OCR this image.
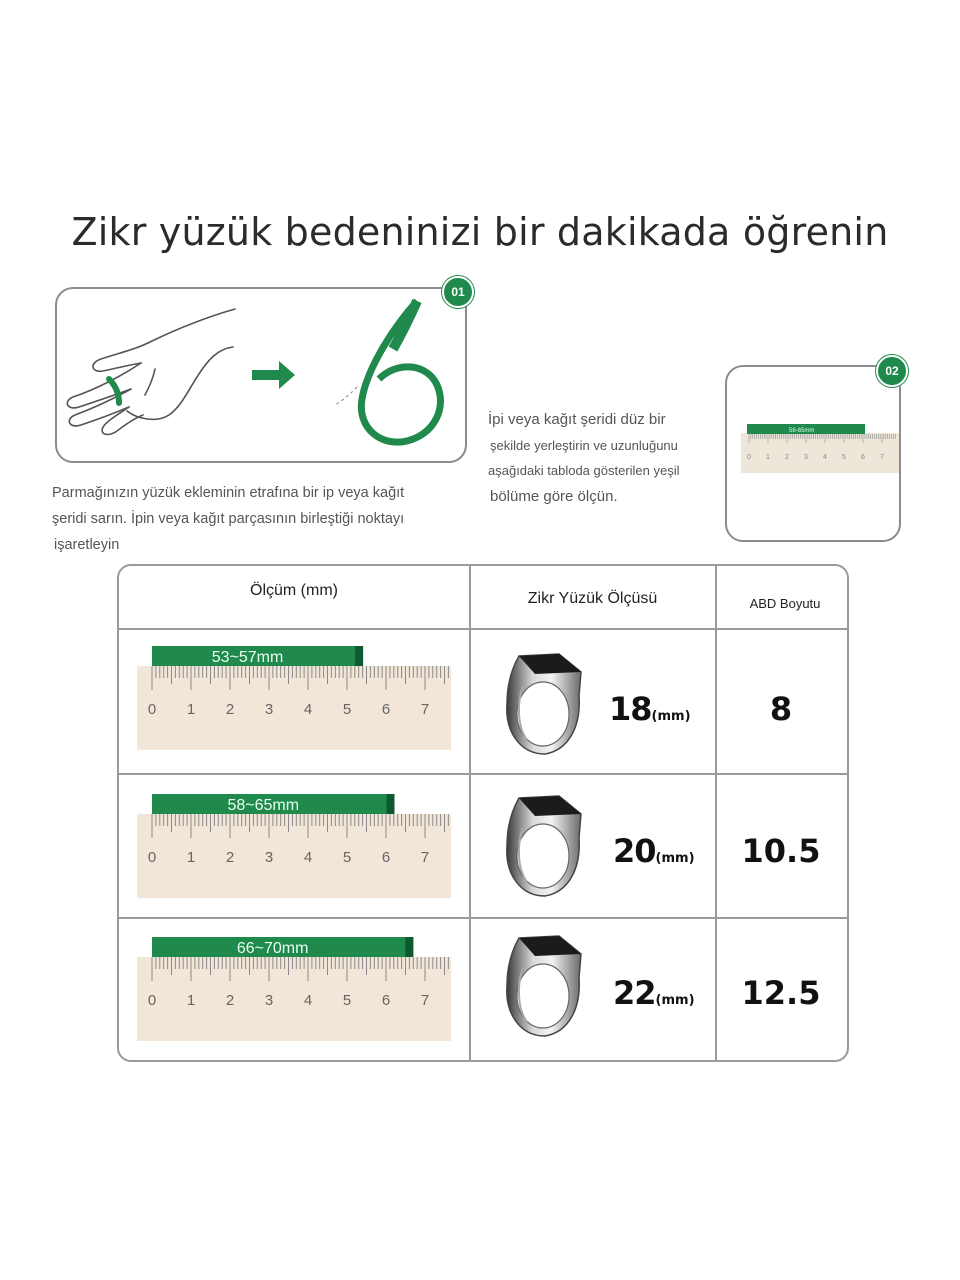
Zikr yüzük bedeninizi bir dakikada öğrenin
01
Parmağınızın yüzük ekleminin etrafına bir ip veya kağıt
şeridi sarın. İpin veya kağıt parçasının birleştiği noktayı
işaretleyin
İpi veya kağıt şeridi düz bir
şekilde yerleştirin ve uzunluğunu
aşağıdaki tabloda gösterilen yeşil
bölüme göre ölçün.
58-65mm
0 1 2 3 4 5 6 7
02
Ölçüm (mm)	Zikr Yüzük Ölçüsü	ABD Boyutu
53~57mm
0 1 2 3 4 5 6 7	18(mm)	8
58~65mm
0 1 2 3 4 5 6 7	20(mm)	10.5
66~70mm
0 1 2 3 4 5 6 7	22(mm)	12.5
